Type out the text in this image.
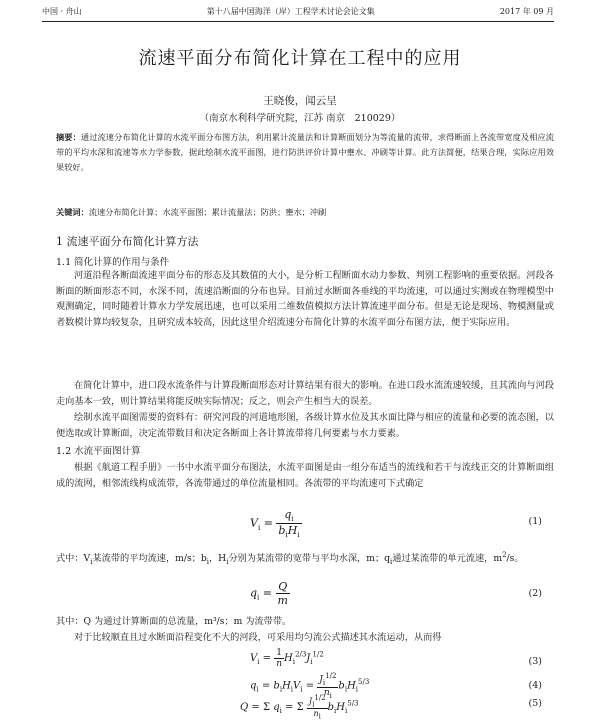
中国 · 舟山	第十八届中国海洋（岸）工程学术讨论会论文集	2017 年 09 月
流速平面分布简化计算在工程中的应用
王晓俊，闻云呈
（南京水利科学研究院，江苏 南京　210029）
摘要：通过流速分布简化计算的水流平面分布图方法，利用累计流量法和计算断面划分为等流量的流带，求得断面上各流带宽度及相应流带的平均水深和流速等水力学参数，据此绘制水流平面图，进行防洪评价计算中壅水、冲刷等计算。此方法简便，结果合理，实际应用效果较好。
关键词：流速分布简化计算；水流平面图；累计流量法；防洪；壅水；冲刷
1 流速平面分布简化计算方法
1.1 简化计算的作用与条件
河道沿程各断面流速平面分布的形态及其数值的大小，是分析工程断面水动力参数、判别工程影响的重要依据。河段各断面的断面形态不同，水深不同，流速沿断面的分布也异。目前过水断面各垂线的平均流速，可以通过实测或在物理模型中观测确定，同时随着计算水力学发展迅速，也可以采用二维数值模拟方法计算流速平面分布。但是无论是现场、物模测量或者数模计算均较复杂，且研究成本较高，因此这里介绍流速分布简化计算的水流平面分布图方法，便于实际应用。
在简化计算中，进口段水流条件与计算段断面形态对计算结果有很大的影响。在进口段水流流速较缓，且其流向与河段走向基本一致，则计算结果将能反映实际情况；反之，则会产生相当大的误差。
绘制水流平面图需要的资料有：研究河段的河道地形图，各级计算水位及其水面比降与相应的流量和必要的流态图，以便选取或计算断面，决定流带数目和决定各断面上各计算流带将几何要素与水力要素。
1.2 水流平面图计算
根据《航道工程手册》一书中水流平面分布图法，水流平面图是由一组分布适当的流线和若干与流线正交的计算断面组成的流网，相邻流线构成流带，各流带通过的单位流量相同。各流带的平均流速可下式确定
$V_i = \frac{q_i}{b_iH_i}$	(1)
式中：$V_i$某流带的平均流速，m/s；$b_i$，$H_i$分别为某流带的宽带与平均水深，m；$q_i$通过某流带的单元流速，$m^2/s$。
$q_i = \frac{Q}{m}$	(2)
其中：Q 为通过计算断面的总流量，m³/s；m 为流带带。
对于比较顺直且过水断面沿程变化不大的河段，可采用均匀流公式描述其水流运动，从而得
$V_i = \frac{1}{n} H_i^{2/3}J_i^{1/2}$
(3)
$q_i = b_iH_iV_i = \frac{J_i^{1/2}}{n_i} b_iH_i^{5/3}$	(4)
Q = Σ $q_i = \Sigma \frac{J_i^{1/2}}{n_i} b_iH_i^{5/3}$	(5)
